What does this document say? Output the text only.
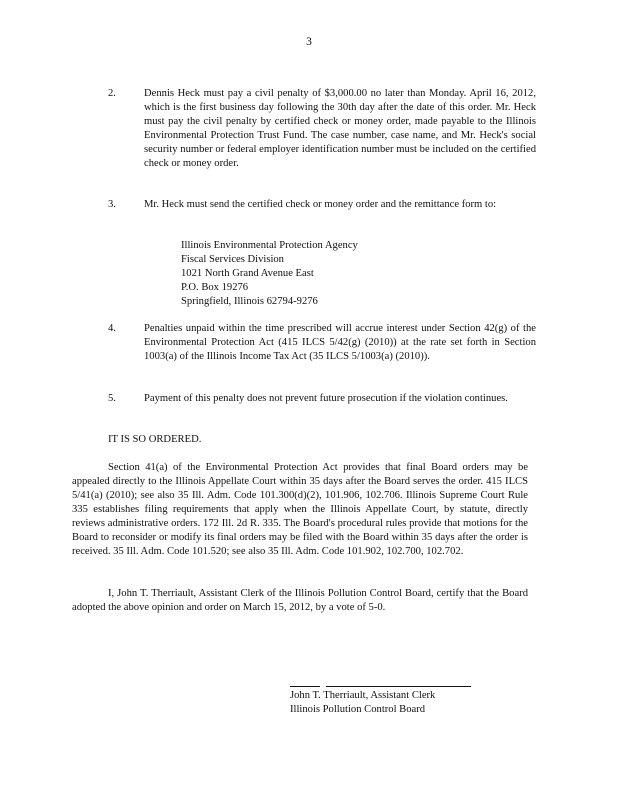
3
2.	Dennis Heck must pay a civil penalty of $3,000.00 no later than Monday. April 16, 2012, which is the first business day following the 30th day after the date of this order. Mr. Heck must pay the civil penalty by certified check or money order, made payable to the Illinois Environmental Protection Trust Fund. The case number, case name, and Mr. Heck's social security number or federal employer identification number must be included on the certified check or money order.
3.	Mr. Heck must send the certified check or money order and the remittance form to:
Illinois Environmental Protection Agency
Fiscal Services Division
1021 North Grand Avenue East
P.O. Box 19276
Springfield, Illinois 62794-9276
4.	Penalties unpaid within the time prescribed will accrue interest under Section 42(g) of the Environmental Protection Act (415 ILCS 5/42(g) (2010)) at the rate set forth in Section 1003(a) of the Illinois Income Tax Act (35 ILCS 5/1003(a) (2010)).
5.	Payment of this penalty does not prevent future prosecution if the violation continues.
IT IS SO ORDERED.
Section 41(a) of the Environmental Protection Act provides that final Board orders may be appealed directly to the Illinois Appellate Court within 35 days after the Board serves the order. 415 ILCS 5/41(a) (2010); see also 35 Ill. Adm. Code 101.300(d)(2), 101.906, 102.706. Illinois Supreme Court Rule 335 establishes filing requirements that apply when the Illinois Appellate Court, by statute, directly reviews administrative orders. 172 Ill. 2d R. 335. The Board's procedural rules provide that motions for the Board to reconsider or modify its final orders may be filed with the Board within 35 days after the order is received. 35 Ill. Adm. Code 101.520; see also 35 Ill. Adm. Code 101.902, 102.700, 102.702.
I, John T. Therriault, Assistant Clerk of the Illinois Pollution Control Board, certify that the Board adopted the above opinion and order on March 15, 2012, by a vote of 5-0.
John T. Therriault, Assistant Clerk
Illinois Pollution Control Board
